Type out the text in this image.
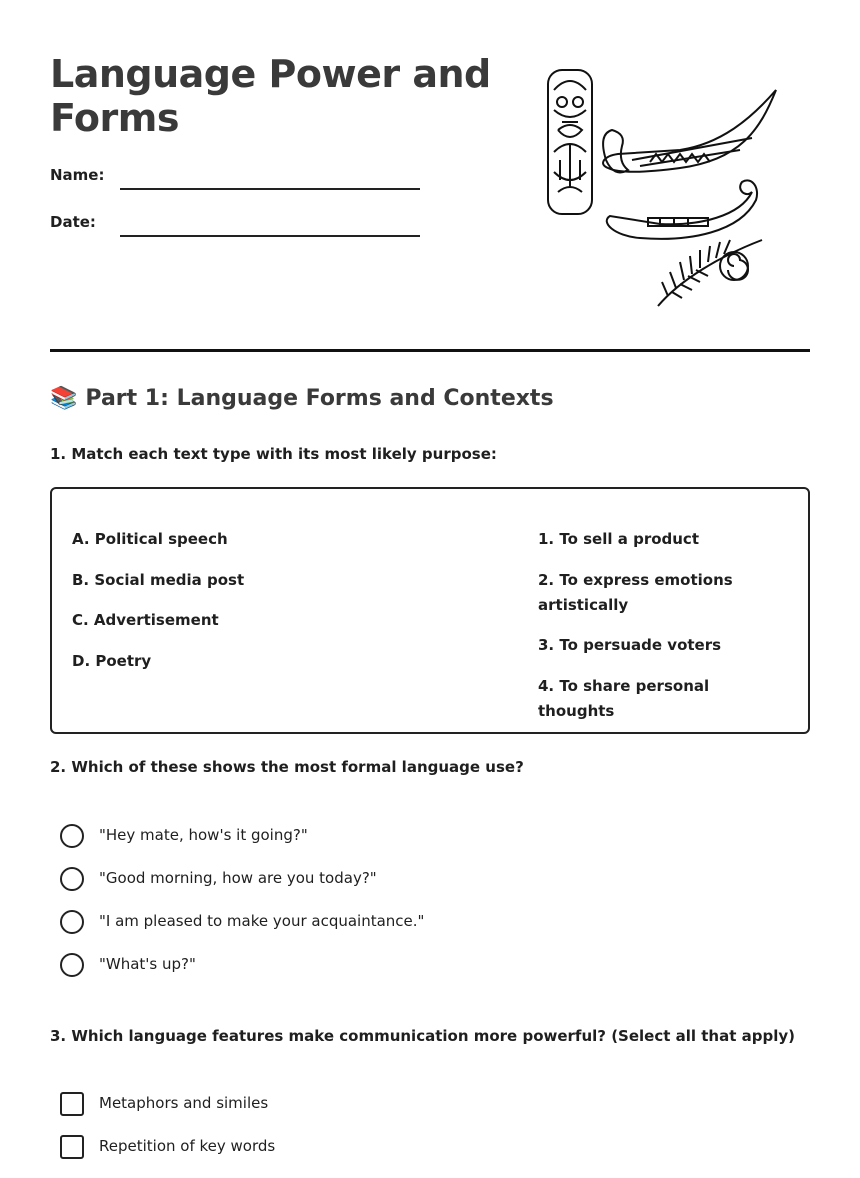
Language Power and Forms
Name:
Date:
📚 Part 1: Language Forms and Contexts

1. Match each text type with its most likely purpose:

A. Political speech
B. Social media post
C. Advertisement
D. Poetry
1. To sell a product
2. To express emotions artistically
3. To persuade voters
4. To share personal thoughts

2. Which of these shows the most formal language use?

"Hey mate, how's it going?"
"Good morning, how are you today?"
"I am pleased to make your acquaintance."
"What's up?"

3. Which language features make communication more powerful? (Select all that apply)

Metaphors and similes
Repetition of key words
